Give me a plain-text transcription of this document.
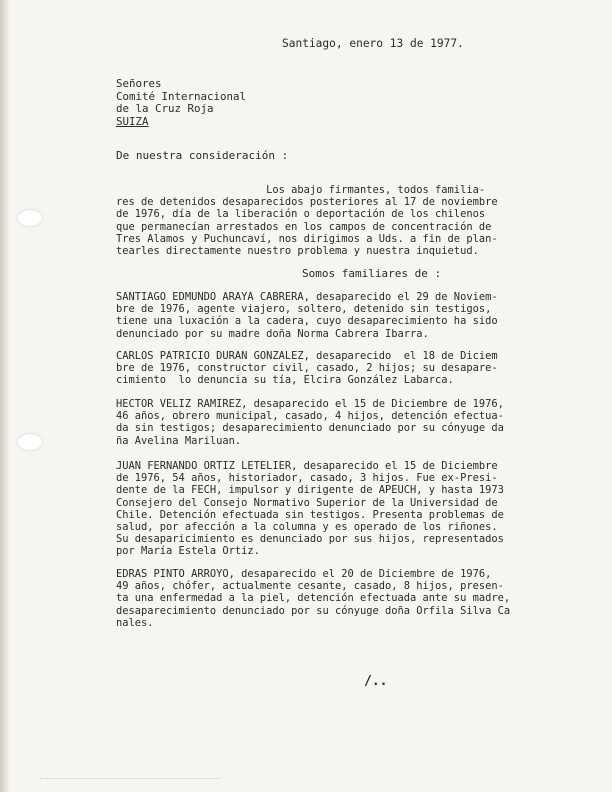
Santiago, enero 13 de 1977.
Señores
Comité Internacional
de la Cruz Roja
SUIZA
De nuestra consideración :
Los abajo firmantes, todos familia-
res de detenidos desaparecidos posteriores al 17 de noviembre
de 1976, día de la liberación o deportación de los chilenos
que permanecían arrestados en los campos de concentración de
Tres Alamos y Puchuncaví, nos dirigimos a Uds. a fin de plan-
tearles directamente nuestro problema y nuestra inquietud.
Somos familiares de :
SANTIAGO EDMUNDO ARAYA CABRERA, desaparecido el 29 de Noviem-
bre de 1976, agente viajero, soltero, detenido sin testigos,
tiene una luxación a la cadera, cuyo desaparecimiento ha sido
denunciado por su madre doña Norma Cabrera Ibarra.
CARLOS PATRICIO DURAN GONZALEZ, desaparecido  el 18 de Diciem
bre de 1976, constructor civil, casado, 2 hijos; su desapare-
cimiento  lo denuncia su tía, Elcira González Labarca.
HECTOR VELIZ RAMIREZ, desaparecido el 15 de Diciembre de 1976,
46 años, obrero municipal, casado, 4 hijos, detención efectua-
da sin testigos; desaparecimiento denunciado por su cónyuge da
ña Avelina Mariluan.
JUAN FERNANDO ORTIZ LETELIER, desaparecido el 15 de Diciembre
de 1976, 54 años, historiador, casado, 3 hijos. Fue ex-Presi-
dente de la FECH, impulsor y dirigente de APEUCH, y hasta 1973
Consejero del Consejo Normativo Superior de la Universidad de
Chile. Detención efectuada sin testigos. Presenta problemas de
salud, por afección a la columna y es operado de los riñones.
Su desaparicimiento es denunciado por sus hijos, representados
por María Estela Ortiz.
EDRAS PINTO ARROYO, desaparecido el 20 de Diciembre de 1976,
49 años, chófer, actualmente cesante, casado, 8 hijos, presen-
ta una enfermedad a la piel, detención efectuada ante su madre,
desaparecimiento denunciado por su cónyuge doña Orfila Silva Ca
nales.
/..
